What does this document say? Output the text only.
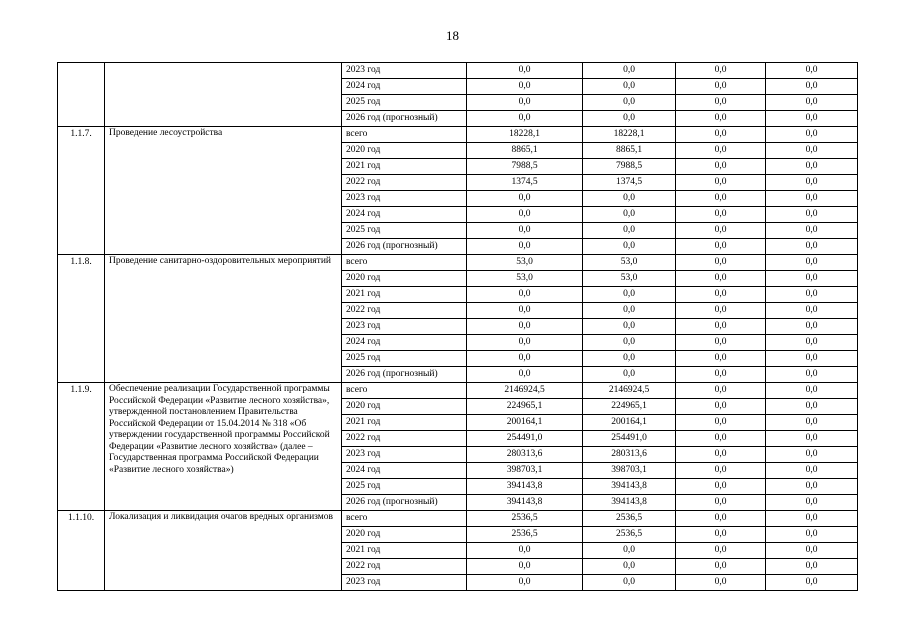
18
		2023 год	0,0	0,0	0,0	0,0
		2024 год	0,0	0,0	0,0	0,0
		2025 год	0,0	0,0	0,0	0,0
		2026 год (прогнозный)	0,0	0,0	0,0	0,0
1.1.7.	Проведение лесоустройства	всего	18228,1	18228,1	0,0	0,0
		2020 год	8865,1	8865,1	0,0	0,0
		2021 год	7988,5	7988,5	0,0	0,0
		2022 год	1374,5	1374,5	0,0	0,0
		2023 год	0,0	0,0	0,0	0,0
		2024 год	0,0	0,0	0,0	0,0
		2025 год	0,0	0,0	0,0	0,0
		2026 год (прогнозный)	0,0	0,0	0,0	0,0
1.1.8.	Проведение санитарно-оздоровительных мероприятий	всего	53,0	53,0	0,0	0,0
		2020 год	53,0	53,0	0,0	0,0
		2021 год	0,0	0,0	0,0	0,0
		2022 год	0,0	0,0	0,0	0,0
		2023 год	0,0	0,0	0,0	0,0
		2024 год	0,0	0,0	0,0	0,0
		2025 год	0,0	0,0	0,0	0,0
		2026 год (прогнозный)	0,0	0,0	0,0	0,0
1.1.9.	Обеспечение реализации Государственной программы Российской Федерации «Развитие лесного хозяйства», утвержденной постановлением Правительства Российской Федерации от 15.04.2014 № 318 «Об утверждении государственной программы Российской Федерации «Развитие лесного хозяйства» (далее – Государственная программа Российской Федерации «Развитие лесного хозяйства»)	всего	2146924,5	2146924,5	0,0	0,0
		2020 год	224965,1	224965,1	0,0	0,0
		2021 год	200164,1	200164,1	0,0	0,0
		2022 год	254491,0	254491,0	0,0	0,0
		2023 год	280313,6	280313,6	0,0	0,0
		2024 год	398703,1	398703,1	0,0	0,0
		2025 год	394143,8	394143,8	0,0	0,0
		2026 год (прогнозный)	394143,8	394143,8	0,0	0,0
1.1.10.	Локализация и ликвидация очагов вредных организмов	всего	2536,5	2536,5	0,0	0,0
		2020 год	2536,5	2536,5	0,0	0,0
		2021 год	0,0	0,0	0,0	0,0
		2022 год	0,0	0,0	0,0	0,0
		2023 год	0,0	0,0	0,0	0,0
